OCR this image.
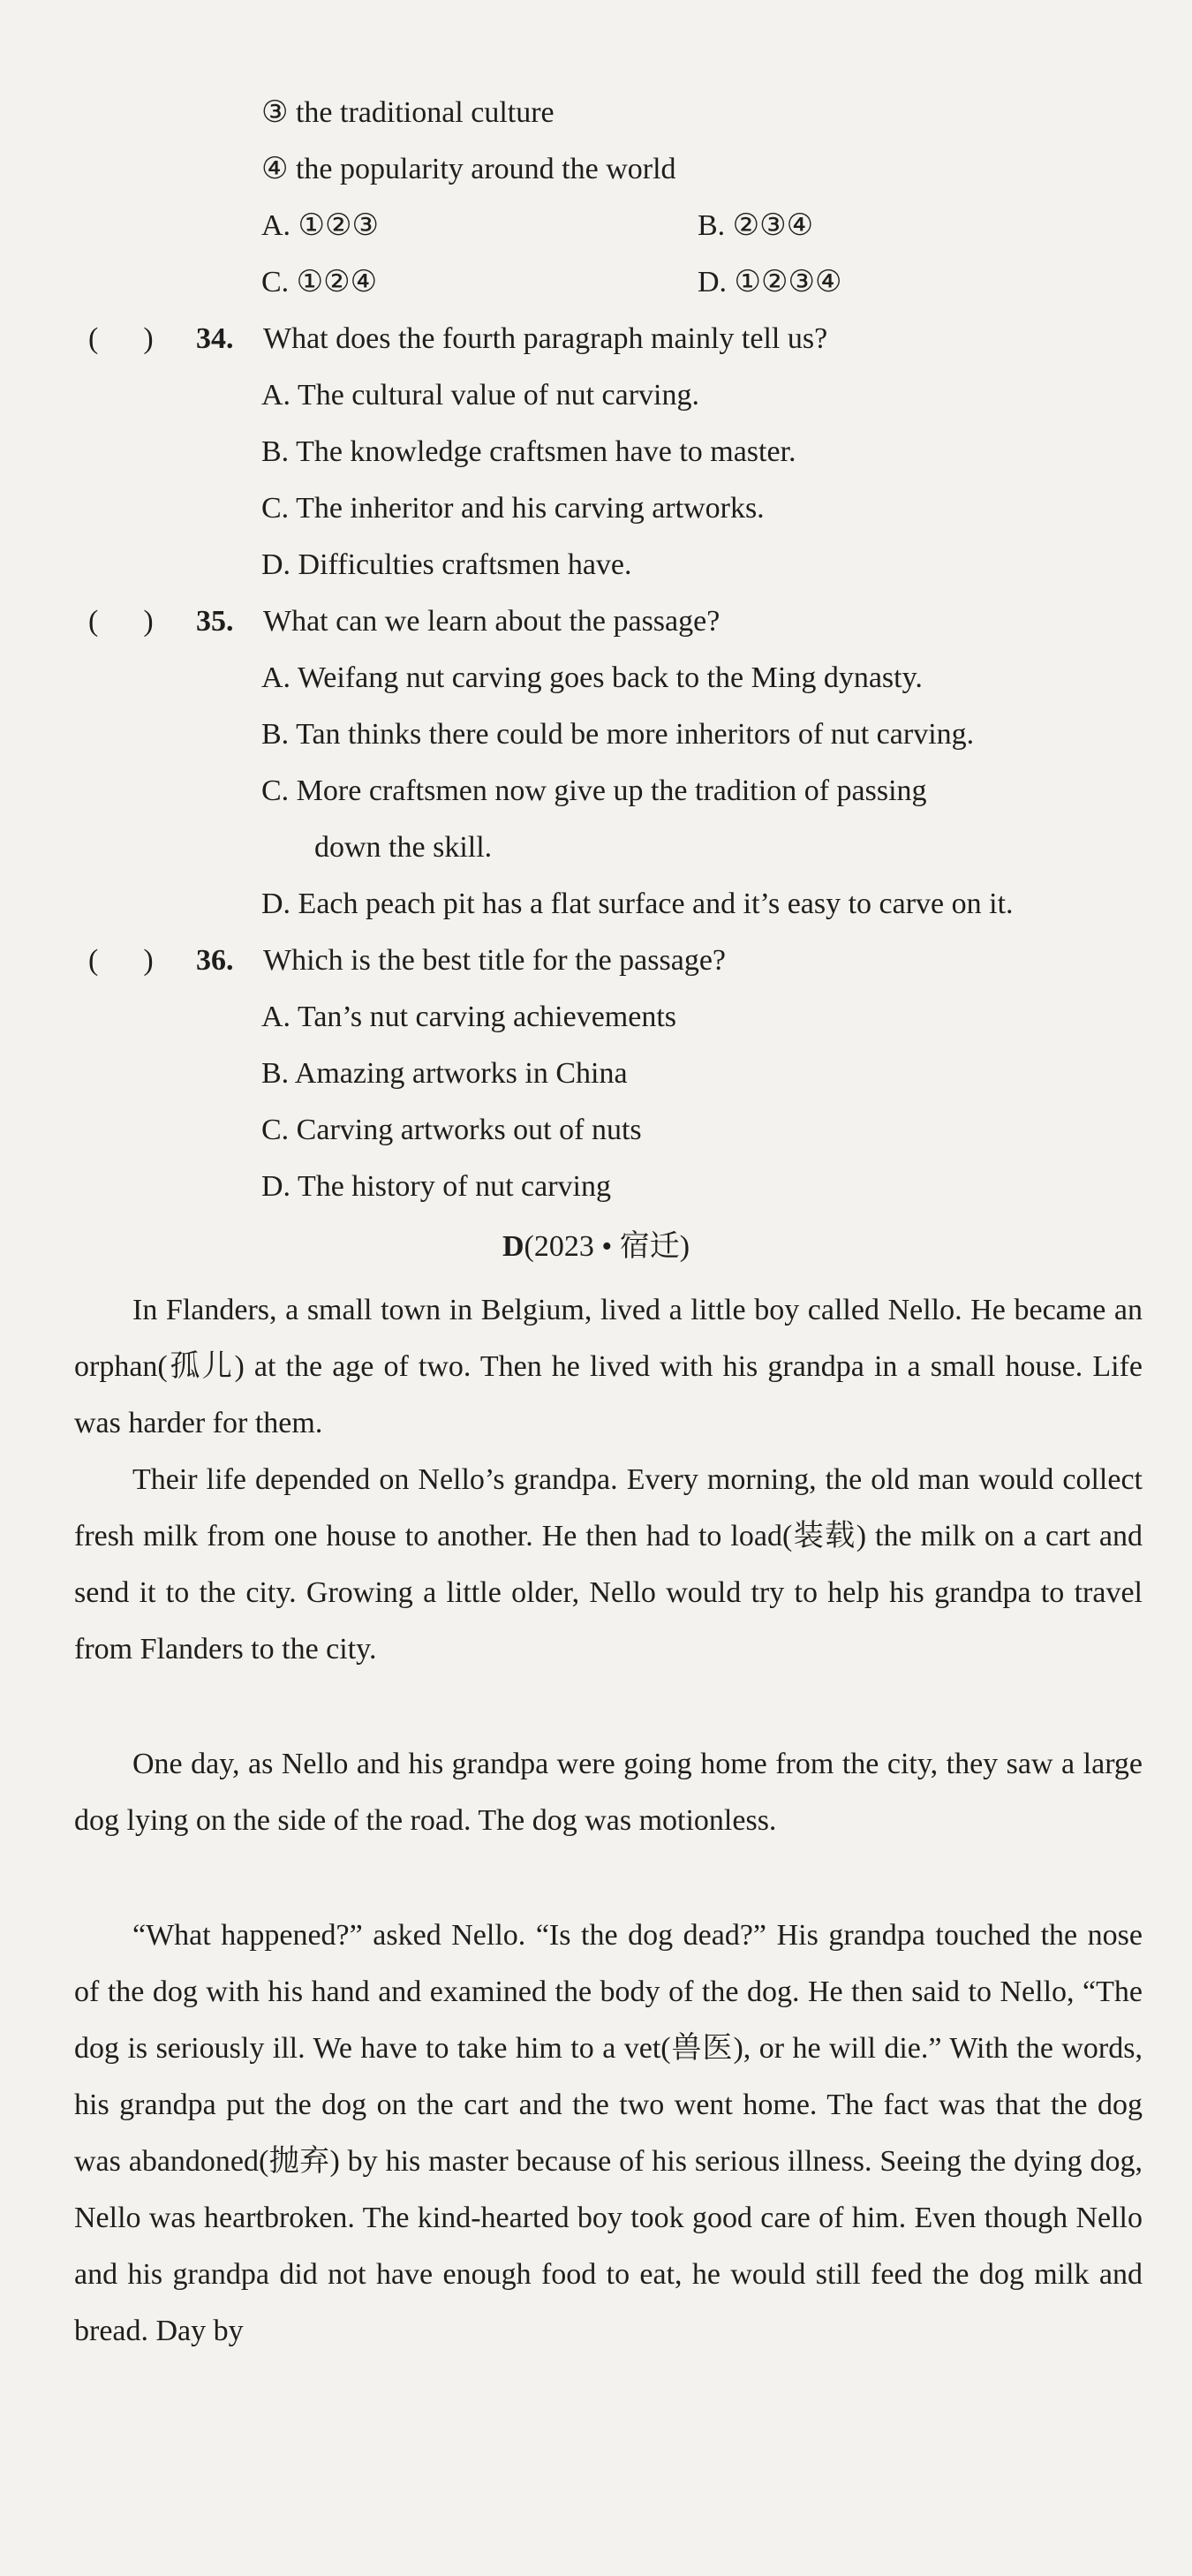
③ the traditional culture
④ the popularity around the world
A. ①②③	B. ②③④
C. ①②④	D. ①②③④
(      ) 34. What does the fourth paragraph mainly tell us?
A. The cultural value of nut carving.
B. The knowledge craftsmen have to master.
C. The inheritor and his carving artworks.
D. Difficulties craftsmen have.
(      ) 35. What can we learn about the passage?
A. Weifang nut carving goes back to the Ming dynasty.
B. Tan thinks there could be more inheritors of nut carving.
C. More craftsmen now give up the tradition of passing
down the skill.
D. Each peach pit has a flat surface and it’s easy to carve on it.
(      ) 36. Which is the best title for the passage?
A. Tan’s nut carving achievements
B. Amazing artworks in China
C. Carving artworks out of nuts
D. The history of nut carving
D(2023 • 宿迁)
In Flanders, a small town in Belgium, lived a little boy called Nello. He became an orphan(孤儿) at the age of two. Then he lived with his grandpa in a small house. Life was harder for them.
Their life depended on Nello’s grandpa. Every morning, the old man would collect fresh milk from one house to another. He then had to load(装载) the milk on a cart and send it to the city. Growing a little older, Nello would try to help his grandpa to travel from Flanders to the city.
One day, as Nello and his grandpa were going home from the city, they saw a large dog lying on the side of the road. The dog was motionless.
“What happened?” asked Nello. “Is the dog dead?” His grandpa touched the nose of the dog with his hand and examined the body of the dog. He then said to Nello, “The dog is seriously ill. We have to take him to a vet(兽医), or he will die.” With the words, his grandpa put the dog on the cart and the two went home. The fact was that the dog was abandoned(抛弃) by his master because of his serious illness. Seeing the dying dog, Nello was heartbroken. The kind-hearted boy took good care of him. Even though Nello and his grandpa did not have enough food to eat, he would still feed the dog milk and bread. Day by
